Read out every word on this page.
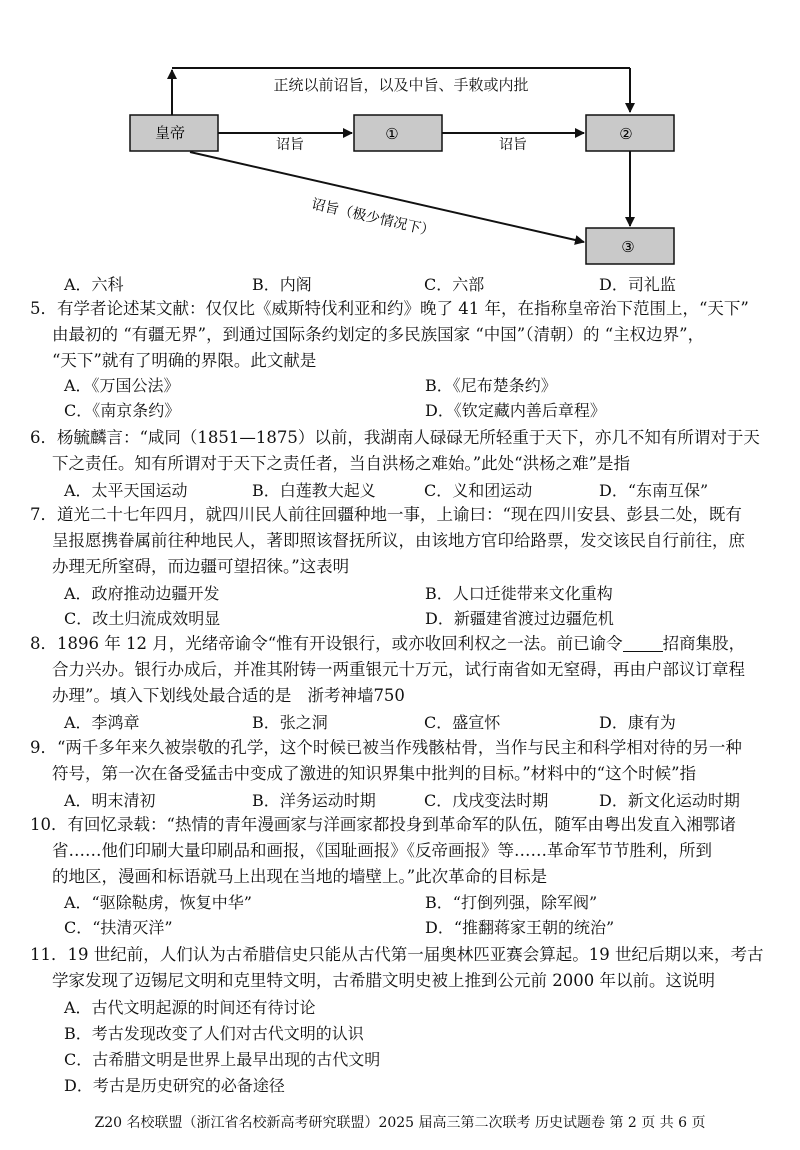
正统以前诏旨，以及中旨、手敕或内批
皇帝	①	②
③
诏旨	诏旨
诏旨（极少情况下）
A．六科	B．内阁	C．六部	D．司礼监
5．有学者论述某文献：仅仅比《威斯特伐利亚和约》晚了 41 年，在指称皇帝治下范围上，“天下”
由最初的 “有疆无界”，到通过国际条约划定的多民族国家 “中国”（清朝）的 “主权边界”，
“天下”就有了明确的界限。此文献是
A．《万国公法》	B．《尼布楚条约》
C．《南京条约》	D．《钦定藏内善后章程》
6．杨毓麟言：“咸同（1851—1875）以前，我湖南人碌碌无所轻重于天下，亦几不知有所谓对于天
下之责任。知有所谓对于天下之责任者，当自洪杨之难始。”此处“洪杨之难”是指
A．太平天国运动	B．白莲教大起义	C．义和团运动	D．“东南互保”
7．道光二十七年四月，就四川民人前往回疆种地一事，上谕曰：“现在四川安县、彭县二处，既有
呈报愿携眷属前往种地民人，著即照该督抚所议，由该地方官印给路票，发交该民自行前往，庶
办理无所窒碍，而边疆可望招徕。”这表明
A．政府推动边疆开发	B．人口迁徙带来文化重构
C．改土归流成效明显	D．新疆建省渡过边疆危机
8．1896 年 12 月，光绪帝谕令“惟有开设银行，或亦收回利权之一法。前已谕令 招商集股，
合力兴办。银行办成后，并准其附铸一两重银元十万元，试行南省如无窒碍，再由户部议订章程
办理”。填入下划线处最合适的是 浙考神墙750
A．李鸿章	B．张之洞	C．盛宣怀	D．康有为
9．“两千多年来久被崇敬的孔学，这个时候已被当作残骸枯骨，当作与民主和科学相对待的另一种
符号，第一次在备受猛击中变成了激进的知识界集中批判的目标。”材料中的“这个时候”指
A．明末清初	B．洋务运动时期	C．戊戌变法时期	D．新文化运动时期
10．有回忆录载：“热情的青年漫画家与洋画家都投身到革命军的队伍，随军由粤出发直入湘鄂诸
省……他们印刷大量印刷品和画报，《国耻画报》《反帝画报》等……革命军节节胜利，所到
的地区，漫画和标语就马上出现在当地的墙壁上。”此次革命的目标是
A．“驱除鞑虏，恢复中华”	B．“打倒列强，除军阀”
C．“扶清灭洋”	D．“推翻蒋家王朝的统治”
11．19 世纪前，人们认为古希腊信史只能从古代第一届奥林匹亚赛会算起。19 世纪后期以来，考古
学家发现了迈锡尼文明和克里特文明，古希腊文明史被上推到公元前 2000 年以前。这说明
A．古代文明起源的时间还有待讨论
B．考古发现改变了人们对古代文明的认识
C．古希腊文明是世界上最早出现的古代文明
D．考古是历史研究的必备途径
Z20 名校联盟（浙江省名校新高考研究联盟）2025 届高三第二次联考 历史试题卷 第 2 页 共 6 页
